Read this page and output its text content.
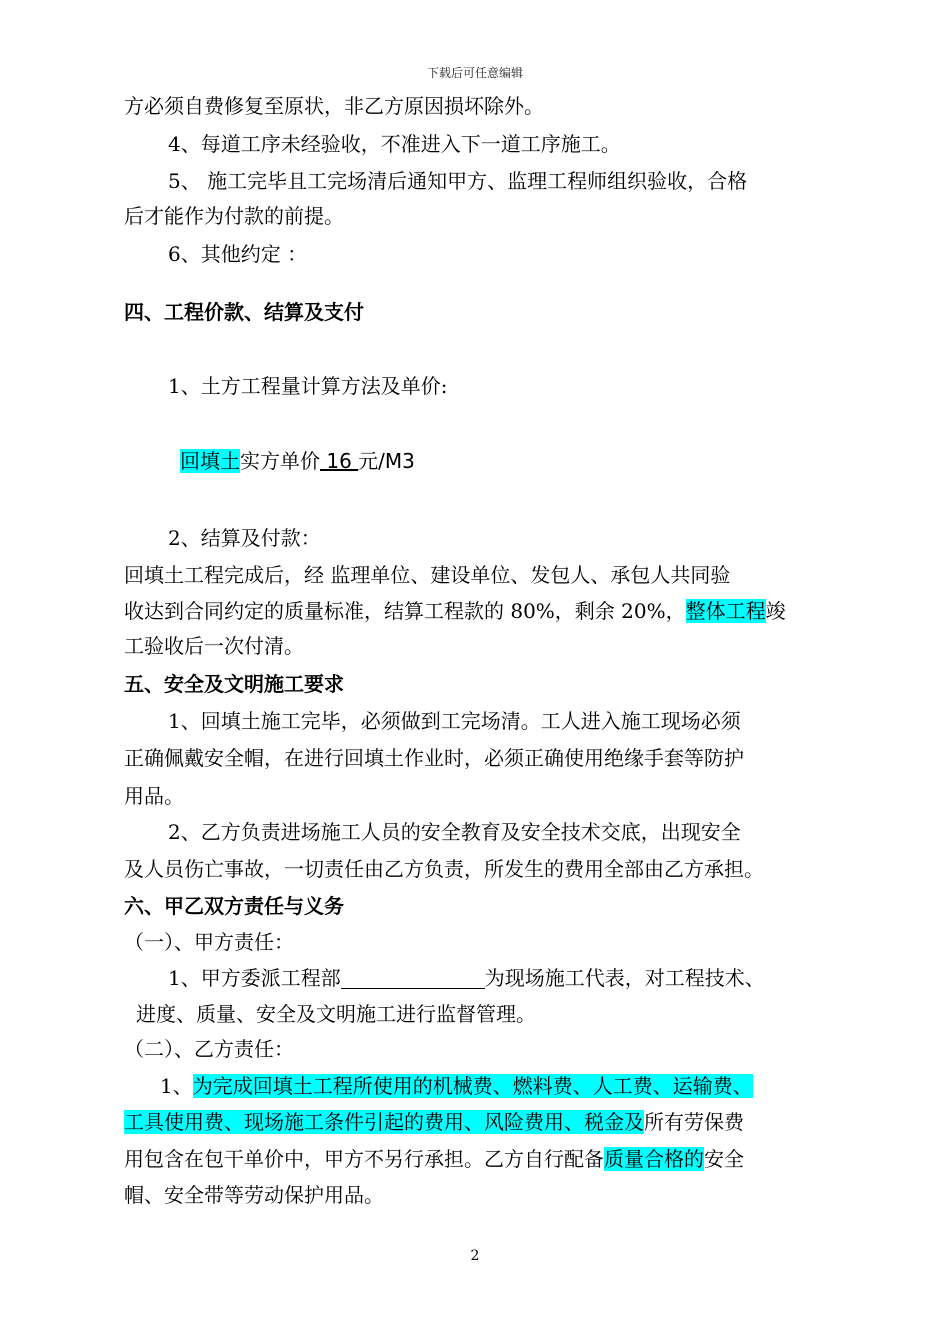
下载后可任意编辑
方必须自费修复至原状，非乙方原因损坏除外。
4、每道工序未经验收，不准进入下一道工序施工。
5、 施工完毕且工完场清后通知甲方、监理工程师组织验收，合格
后才能作为付款的前提。
6、其他约定 ：
四、工程价款、结算及支付
1、土方工程量计算方法及单价:
回填土实方单价 16 元/M3
2、结算及付款：
回填土工程完成后，经 监理单位、建设单位、发包人、承包人共同验
收达到合同约定的质量标准，结算工程款的 80%，剩余 20%，整体工程竣
工验收后一次付清。
五、安全及文明施工要求
1、回填土施工完毕，必须做到工完场清。工人进入施工现场必须
正确佩戴安全帽，在进行回填土作业时，必须正确使用绝缘手套等防护
用品。
2、乙方负责进场施工人员的安全教育及安全技术交底，出现安全
及人员伤亡事故，一切责任由乙方负责，所发生的费用全部由乙方承担。
六、甲乙双方责任与义务
（一）、甲方责任：
1、甲方委派工程部	为现场施工代表，对工程技术、
进度、质量、安全及文明施工进行监督管理。
（二）、乙方责任：
1、为完成回填土工程所使用的机械费、燃料费、人工费、运输费、
工具使用费、现场施工条件引起的费用、风险费用、税金及所有劳保费
用包含在包干单价中，甲方不另行承担。乙方自行配备质量合格的安全
帽、安全带等劳动保护用品。
2
